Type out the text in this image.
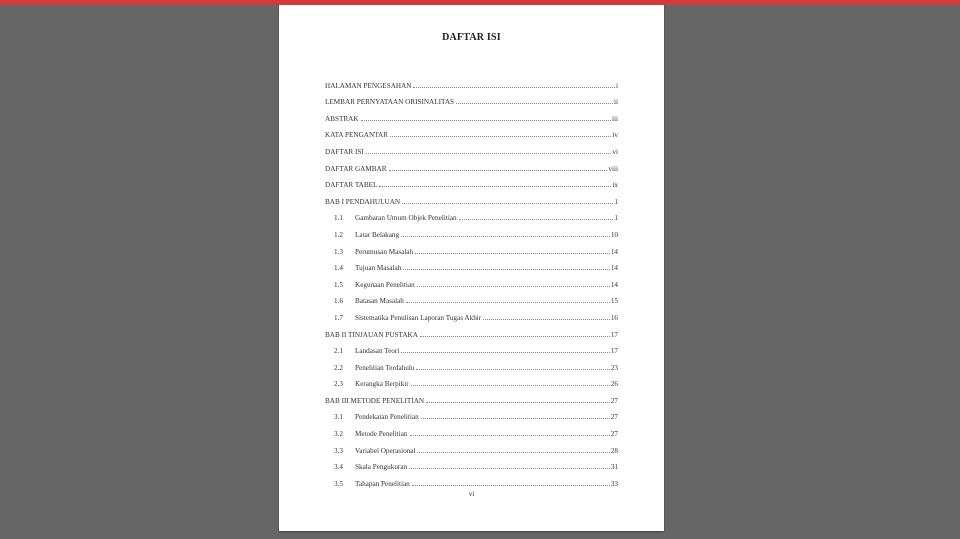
DAFTAR ISI
HALAMAN PENGESAHAN	i
LEMBAR PERNYATAAN ORISINALITAS	ii
ABSTRAK	iii
KATA PENGANTAR	iv
DAFTAR ISI	vi
DAFTAR GAMBAR	viii
DAFTAR TABEL	ix
BAB I PENDAHULUAN	1
1.1	Gambaran Umum Objek Penelitian	1
1.2	Latar Belakang	10
1.3	Perumusan Masalah	14
1.4	Tujuan Masalah	14
1.5	Kegunaan Penelitian	14
1.6	Batasan Masalah	15
1.7	Sistematika Penulisan Laporan Tugas Akhir	16
BAB II TINJAUAN PUSTAKA	17
2.1	Landasan Teori	17
2.2	Penelitian Terdahulu	23
2.3	Kerangka Berpikir	26
BAB III METODE PENELITIAN	27
3.1	Pendekatan Penelitian	27
3.2	Metode Penelitian	27
3.3	Variabel Operasional	28
3.4	Skala Pengukuran	31
3.5	Tahapan Penelitian	33
vi
